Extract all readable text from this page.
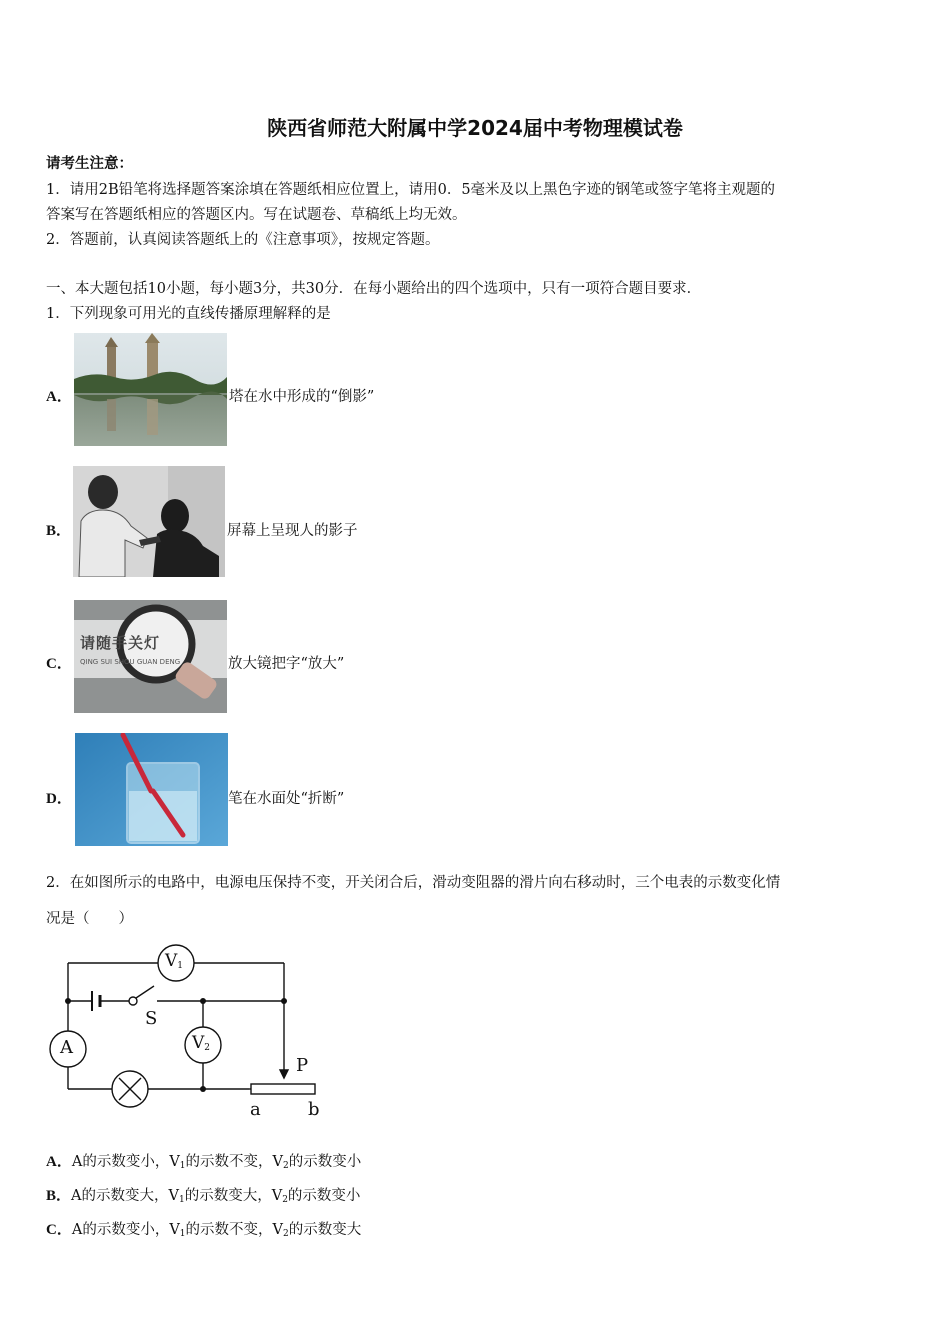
陕西省师范大附属中学2024届中考物理模试卷
请考生注意：
1．请用2B铅笔将选择题答案涂填在答题纸相应位置上，请用0．5毫米及以上黑色字迹的钢笔或签字笔将主观题的
答案写在答题纸相应的答题区内。写在试题卷、草稿纸上均无效。
2．答题前，认真阅读答题纸上的《注意事项》，按规定答题。
一、本大题包括10小题，每小题3分，共30分．在每小题给出的四个选项中，只有一项符合题目要求．
1．下列现象可用光的直线传播原理解释的是
A．	塔在水中形成的“倒影”
B．	屏幕上呈现人的影子
C．
请随手关灯
QING SUI SHOU GUAN DENG	放大镜把字“放大”
D．	笔在水面处“折断”
2．在如图所示的电路中，电源电压保持不变，开关闭合后，滑动变阻器的滑片向右移动时，三个电表的示数变化情
况是（　　）
$V_1$
A	$V_2$
S
P
a	b
A．A的示数变小，$V_1$的示数不变，$V_2$的示数变小
B．A的示数变大，$V_1$的示数变大，$V_2$的示数变小
C．A的示数变小，$V_1$的示数不变，$V_2$的示数变大
